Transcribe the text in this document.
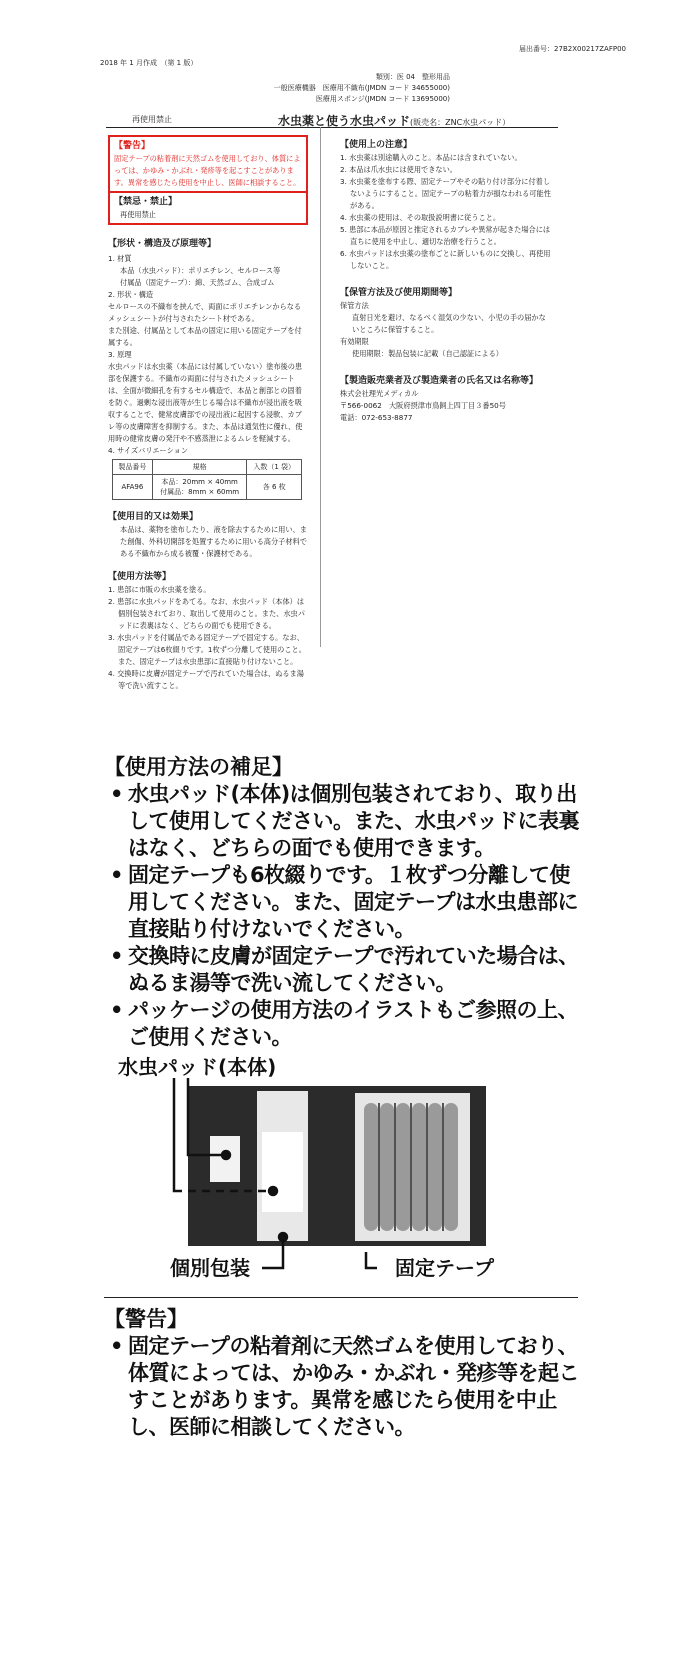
届出番号：27B2X00217ZAFP00
2018 年 1 月作成　（第 1 版）
類別：医 04　整形用品
一般医療機器　医療用不織布(JMDN コード 34655000)
医療用スポンジ(JMDN コード 13695000)
再使用禁止	水虫薬と使う水虫パッド(販売名：ZNC水虫パッド）

【警告】

固定テープの粘着剤に天然ゴムを使用しており、体質によっては、かゆみ・かぶれ・発疹等を起こすことがあります。異常を感じたら使用を中止し、医師に相談すること。

【禁忌・禁止】

再使用禁止

【形状・構造及び原理等】

1. 材質

本品（水虫パッド）：ポリエチレン、セルロース等

付属品（固定テープ）：綿、天然ゴム、合成ゴム

2. 形状・構造

セルロースの不織布を挟んで、両面にポリエチレンからなるメッシュシートが付与されたシート材である。

また別途、付属品として本品の固定に用いる固定テープを付属する。

3. 原理

水虫パッドは水虫薬（本品には付属していない）塗布後の患部を保護する。不織布の両面に付与されたメッシュシートは、全面が微細孔を有するセル構造で、本品と創部との固着を防ぐ。過剰な浸出液等が生じる場合は不織布が浸出液を吸収することで、健常皮膚部での浸出液に起因する浸軟、カブレ等の皮膚障害を抑制する。また、本品は通気性に優れ、使用時の健常皮膚の発汗や不感蒸泄によるムレを軽減する。

4. サイズバリエーション

製品番号	規格	入数（1 袋）
AFA96	本品：20mm × 40mm
付属品：8mm × 60mm	各 6 枚

【使用目的又は効果】

本品は、薬物を塗布したり、液を除去するために用い、また創傷、外科切開部を処置するために用いる高分子材料である不織布から成る被覆・保護材である。

【使用方法等】

1. 患部に市販の水虫薬を塗る。

2. 患部に水虫パッドをあてる。なお、水虫パッド（本体）は個別包装されており、取出して使用のこと。また、水虫パッドに表裏はなく、どちらの面でも使用できる。

3. 水虫パッドを付属品である固定テープで固定する。なお、固定テープは6枚綴りです。1枚ずつ分離して使用のこと。また、固定テープは水虫患部に直接貼り付けないこと。

4. 交換時に皮膚が固定テープで汚れていた場合は、ぬるま湯等で洗い流すこと。

【使用上の注意】

1. 水虫薬は別途購入のこと。本品には含まれていない。

2. 本品は爪水虫には使用できない。

3. 水虫薬を塗布する際、固定テープやその貼り付け部分に付着しないようにすること。固定テープの粘着力が損なわれる可能性がある。

4. 水虫薬の使用は、その取扱説明書に従うこと。

5. 患部に本品が原因と推定されるカブレや異常が起きた場合には直ちに使用を中止し、適切な治療を行うこと。

6. 水虫パッドは水虫薬の塗布ごとに新しいものに交換し、再使用しないこと。

【保管方法及び使用期間等】

保管方法

直射日光を避け、なるべく湿気の少ない、小児の手の届かないところに保管すること。

有効期限

使用期限：製品包装に記載（自己認証による）

【製造販売業者及び製造業者の氏名又は名称等】

株式会社理光メディカル

〒566-0062　大阪府摂津市鳥飼上四丁目３番50号

電話：072-653-8877

【使用方法の補足】
• 水虫パッド(本体)は個別包装されており、取り出して使用してください。また、水虫パッドに表裏はなく、どちらの面でも使用できます。
• 固定テープも6枚綴りです。１枚ずつ分離して使用してください。また、固定テープは水虫患部に直接貼り付けないでください。
• 交換時に皮膚が固定テープで汚れていた場合は、ぬるま湯等で洗い流してください。
• パッケージの使用方法のイラストもご参照の上、ご使用ください。
水虫パッド(本体)
個別包装	固定テープ
【警告】
• 固定テープの粘着剤に天然ゴムを使用しており、体質によっては、かゆみ・かぶれ・発疹等を起こすことがあります。異常を感じたら使用を中止し、医師に相談してください。
